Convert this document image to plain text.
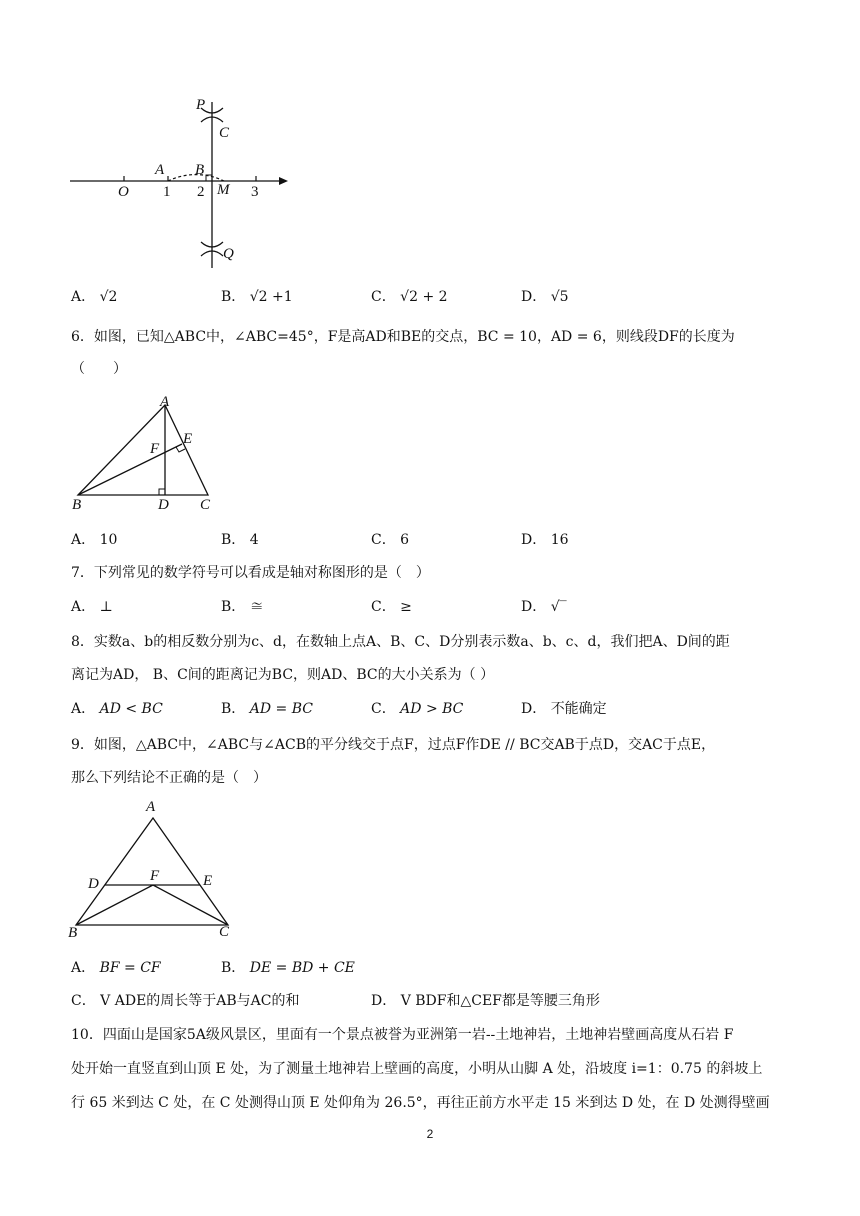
P
C
A B
O 1 2 M 3
Q
A． √2	B． √2 +1	C． √2 + 2	D． √5
6．如图，已知△ABC中，∠ABC=45°，F是高AD和BE的交点，BC = 10，AD = 6，则线段DF的长度为
（　　）
A
E
F
B	D C
A． 10	B． 4	C． 6	D． 16
7．下列常见的数学符号可以看成是轴对称图形的是（　）
A． ⊥	B． ≅	C． ≥	D． √‾
8．实数a、b的相反数分别为c、d，在数轴上点A、B、C、D分别表示数a、b、c、d，我们把A、D间的距
离记为AD， B、C间的距离记为BC，则AD、BC的大小关系为（ ）
A． AD < BC	B． AD = BC	C． AD > BC	D． 不能确定
9．如图，△ABC中，∠ABC与∠ACB的平分线交于点F，过点F作DE // BC交AB于点D，交AC于点E，
那么下列结论不正确的是（　）
A
D	F	E
B	C
A． BF = CF	B． DE = BD + CE
C． V ADE的周长等于AB与AC的和	D． V BDF和△CEF都是等腰三角形
10．四面山是国家5A级风景区，里面有一个景点被誉为亚洲第一岩--土地神岩，土地神岩壁画高度从石岩 F
处开始一直竖直到山顶 E 处，为了测量土地神岩上壁画的高度，小明从山脚 A 处，沿坡度 i=1：0.75 的斜坡上
行 65 米到达 C 处，在 C 处测得山顶 E 处仰角为 26.5°，再往正前方水平走 15 米到达 D 处，在 D 处测得壁画
2
